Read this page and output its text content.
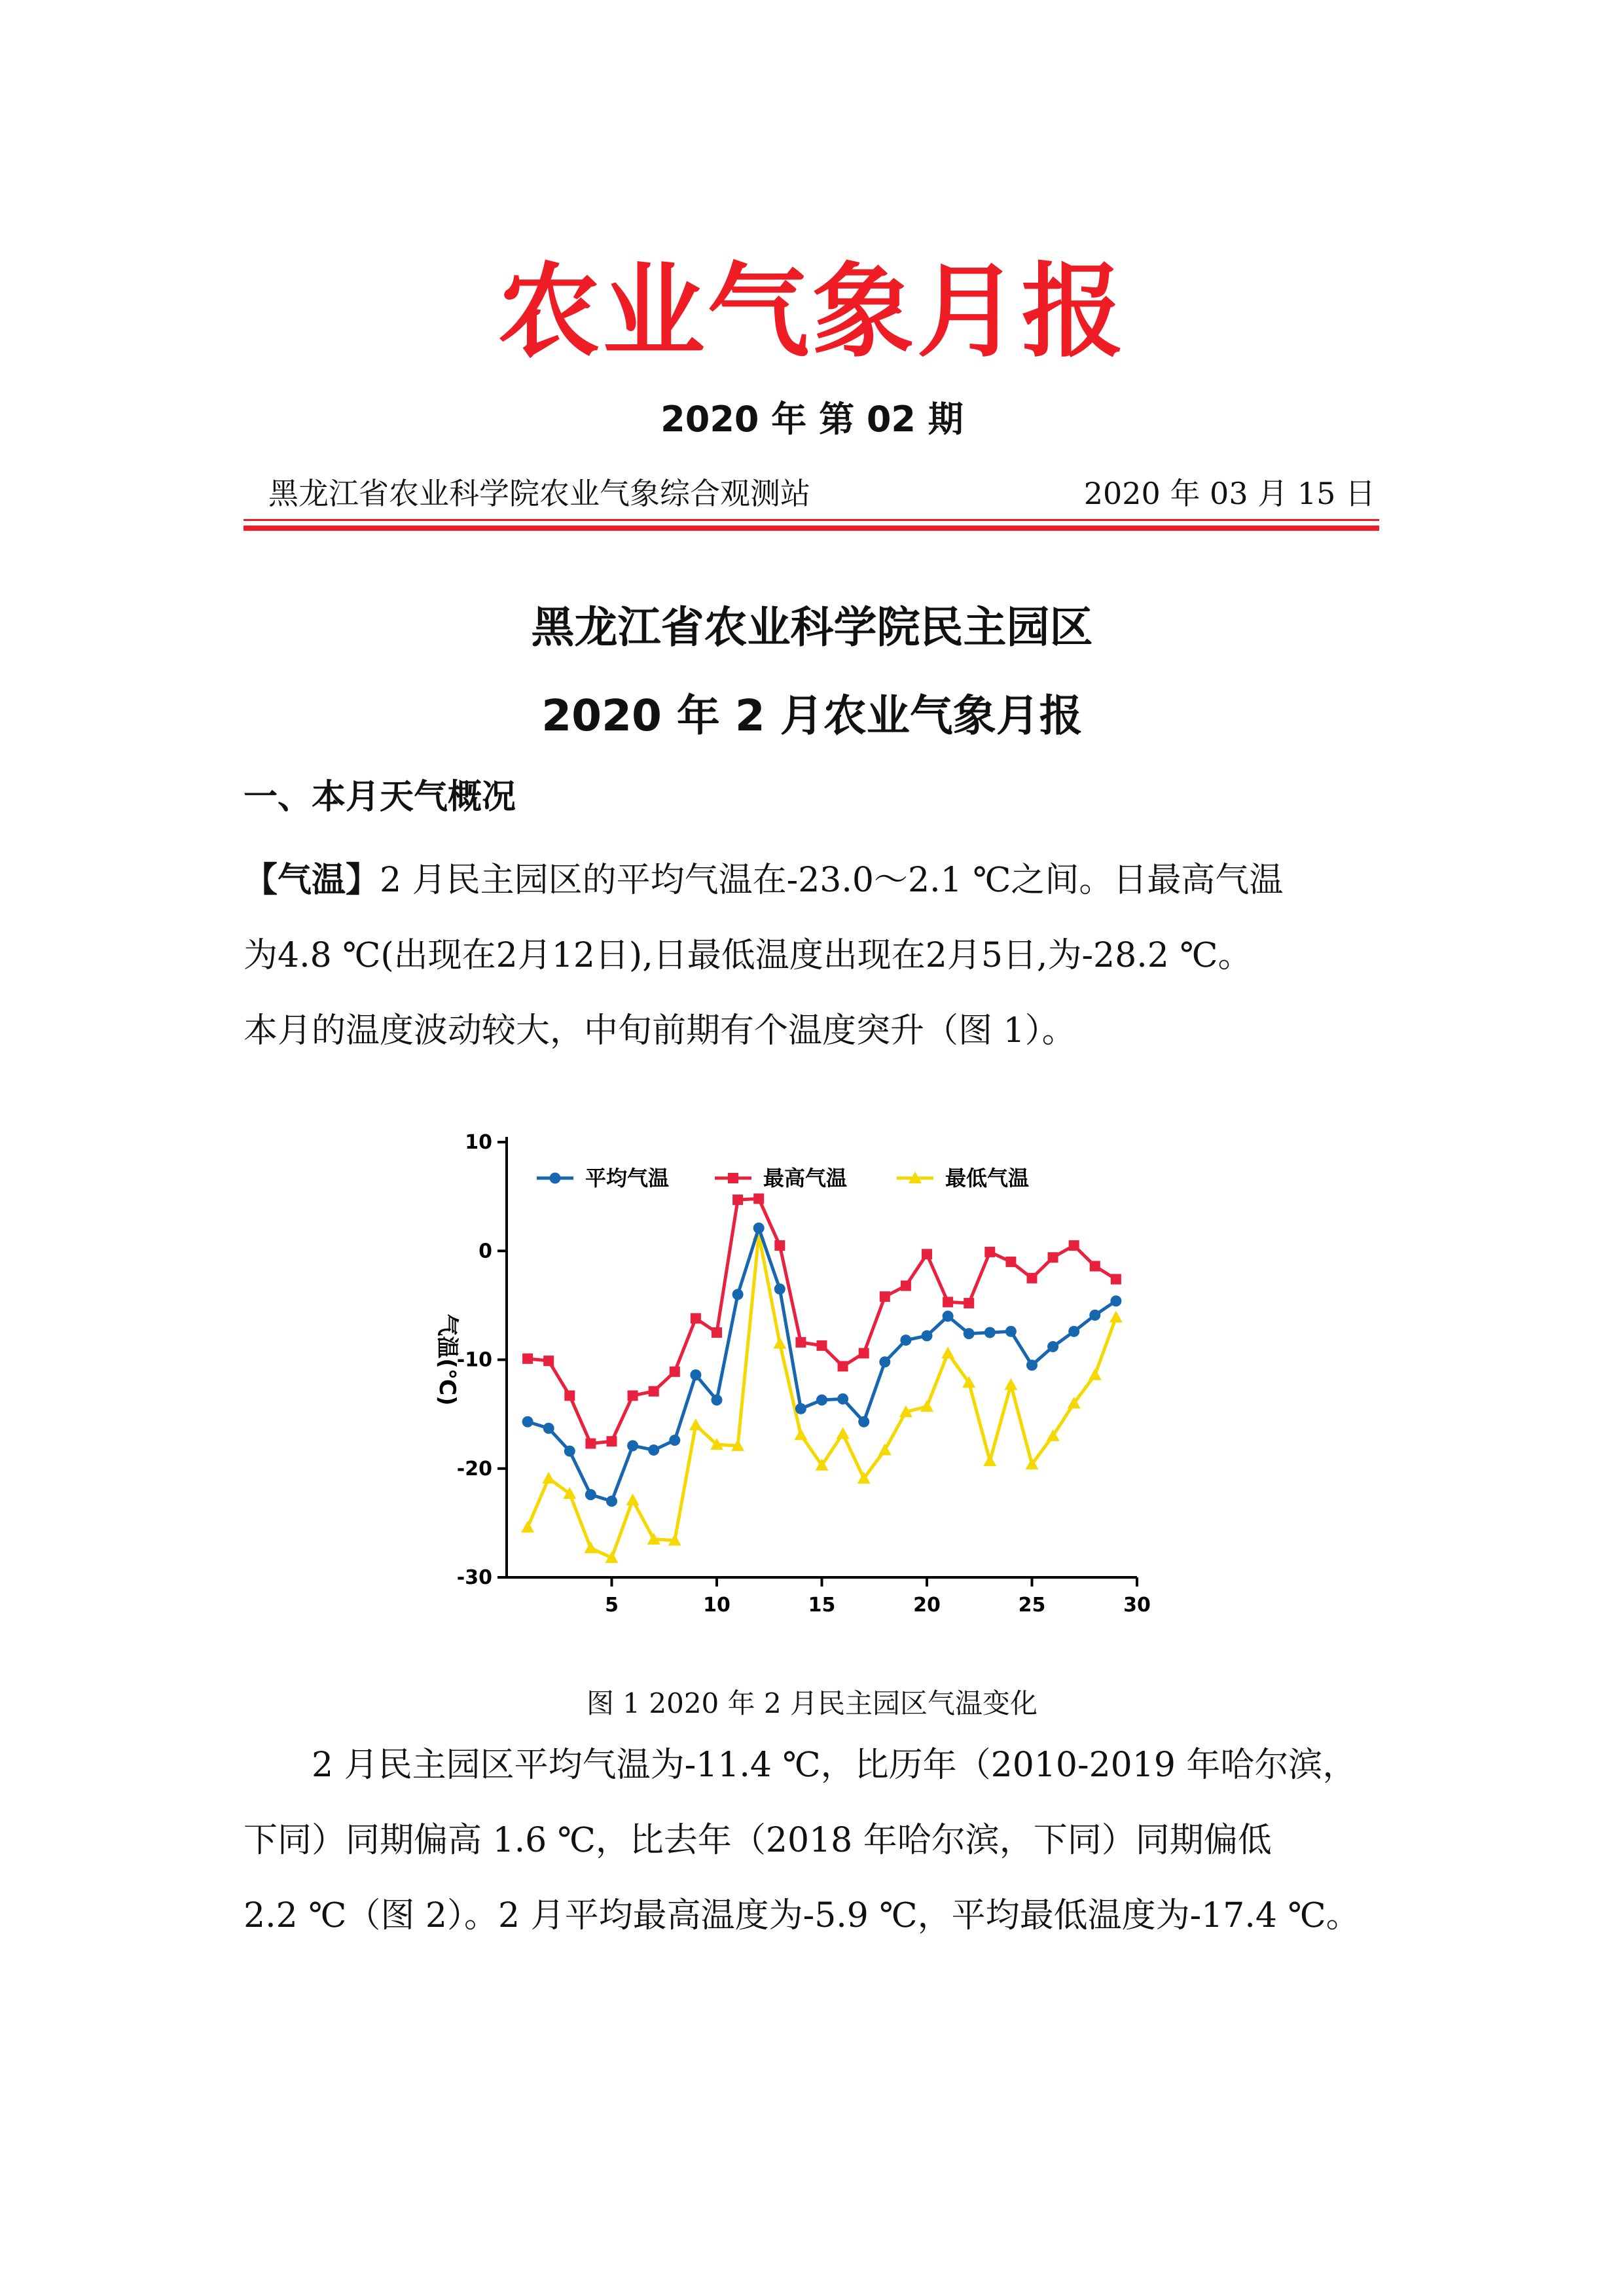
农业气象月报
2020 年 第 02 期
黑龙江省农业科学院农业气象综合观测站	2020 年 03 月 15 日
黑龙江省农业科学院民主园区
2020 年 2 月农业气象月报
一、本月天气概况
【气温】2 月民主园区的平均气温在-23.0～2.1 ℃之间。日最高气温
为4.8 ℃(出现在2月12日),日最低温度出现在2月5日,为-28.2 ℃。
本月的温度波动较大，中旬前期有个温度突升（图 1）。
10
0
-10
-20
-30
5	10	15	20	25	30
气温(℃)
平均气温	最高气温	最低气温
图 1 2020 年 2 月民主园区气温变化
　　2 月民主园区平均气温为-11.4 ℃，比历年（2010-2019 年哈尔滨，
下同）同期偏高 1.6 ℃，比去年（2018 年哈尔滨，下同）同期偏低
2.2 ℃（图 2）。2 月平均最高温度为-5.9 ℃，平均最低温度为-17.4 ℃。
